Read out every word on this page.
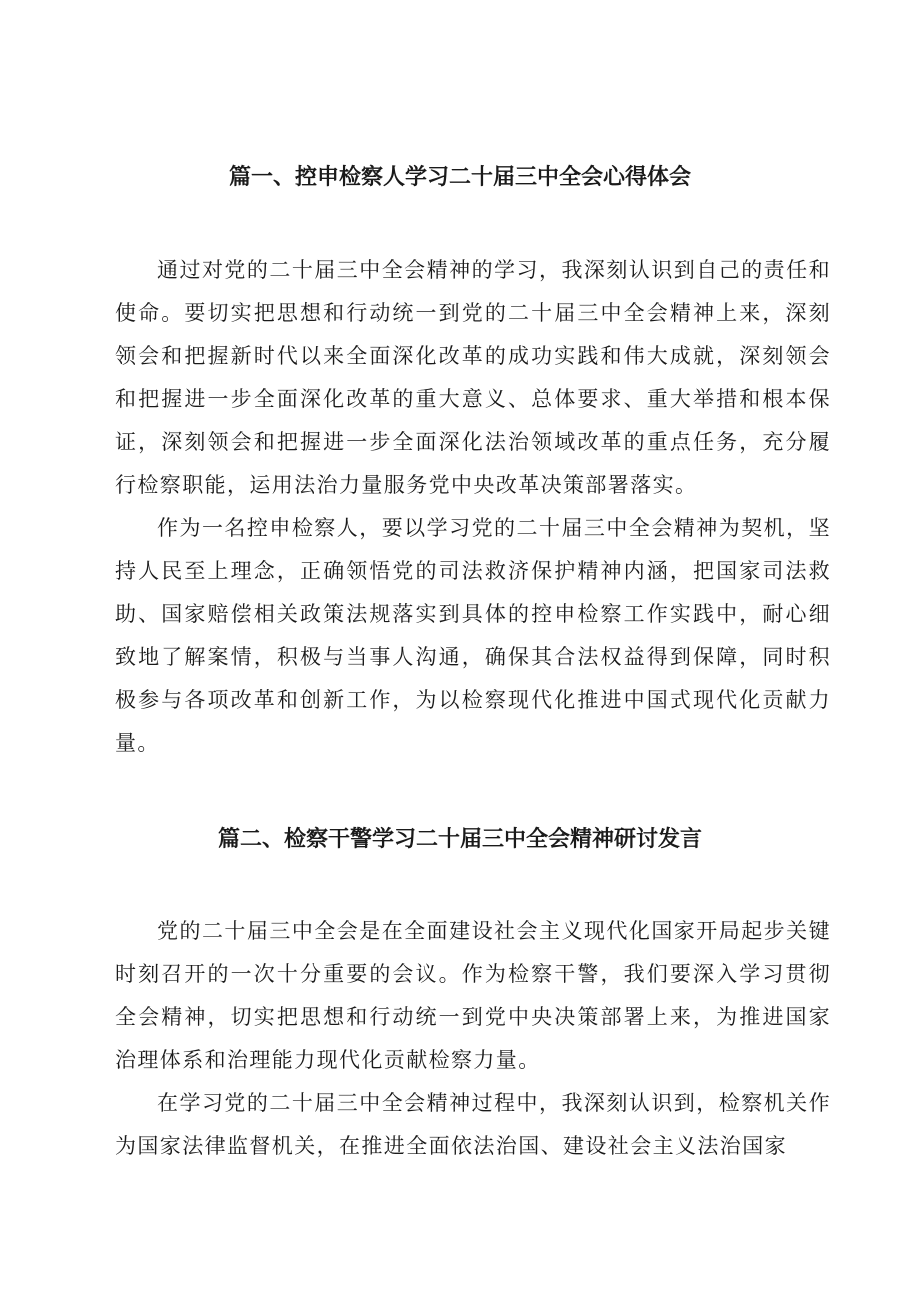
篇一、控申检察人学习二十届三中全会心得体会

通过对党的二十届三中全会精神的学习，我深刻认识到自己的责任和使命。要切实把思想和行动统一到党的二十届三中全会精神上来，深刻领会和把握新时代以来全面深化改革的成功实践和伟大成就，深刻领会和把握进一步全面深化改革的重大意义、总体要求、重大举措和根本保证，深刻领会和把握进一步全面深化法治领域改革的重点任务，充分履行检察职能，运用法治力量服务党中央改革决策部署落实。

作为一名控申检察人，要以学习党的二十届三中全会精神为契机，坚持人民至上理念，正确领悟党的司法救济保护精神内涵，把国家司法救助、国家赔偿相关政策法规落实到具体的控申检察工作实践中，耐心细致地了解案情，积极与当事人沟通，确保其合法权益得到保障，同时积极参与各项改革和创新工作，为以检察现代化推进中国式现代化贡献力量。

篇二、检察干警学习二十届三中全会精神研讨发言

党的二十届三中全会是在全面建设社会主义现代化国家开局起步关键时刻召开的一次十分重要的会议。作为检察干警，我们要深入学习贯彻全会精神，切实把思想和行动统一到党中央决策部署上来，为推进国家治理体系和治理能力现代化贡献检察力量。

在学习党的二十届三中全会精神过程中，我深刻认识到，检察机关作为国家法律监督机关，在推进全面依法治国、建设社会主义法治国家
